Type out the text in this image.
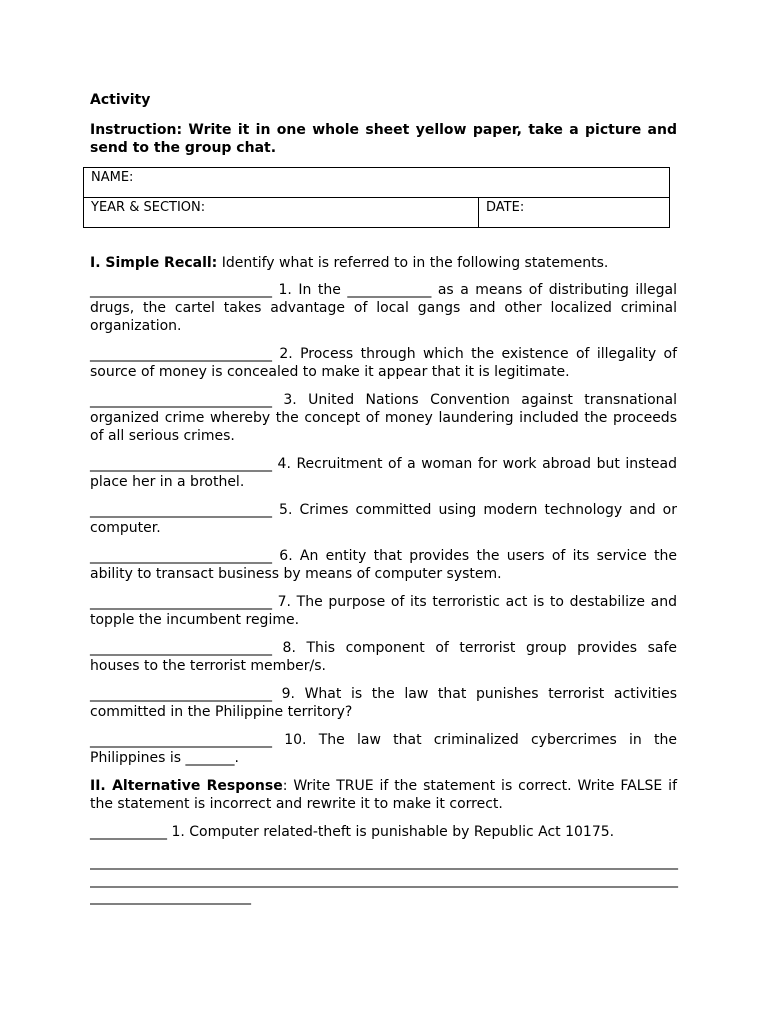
Activity
Instruction: Write it in one whole sheet yellow paper, take a picture and send to the group chat.
NAME:
YEAR & SECTION:	DATE:
I. Simple Recall: Identify what is referred to in the following statements.
__________________________ 1. In the ____________ as a means of distributing illegal drugs, the cartel takes advantage of local gangs and other localized criminal organization.
__________________________ 2. Process through which the existence of illegality of source of money is concealed to make it appear that it is legitimate.
__________________________ 3. United Nations Convention against transnational organized crime whereby the concept of money laundering included the proceeds of all serious crimes.
__________________________ 4. Recruitment of a woman for work abroad but instead place her in a brothel.
__________________________ 5. Crimes committed using modern technology and or computer.
__________________________ 6. An entity that provides the users of its service the ability to transact business by means of computer system.
__________________________ 7. The purpose of its terroristic act is to destabilize and topple the incumbent regime.
__________________________ 8. This component of terrorist group provides safe houses to the terrorist member/s.
__________________________ 9. What is the law that punishes terrorist activities committed in the Philippine territory?
__________________________ 10. The law that criminalized cybercrimes in the Philippines is _______.
II. Alternative Response: Write TRUE if the statement is correct. Write FALSE if the statement is incorrect and rewrite it to make it correct.
___________ 1. Computer related-theft is punishable by Republic Act 10175.
____________________________________________________________________________________
____________________________________________________________________________________
_______________________
